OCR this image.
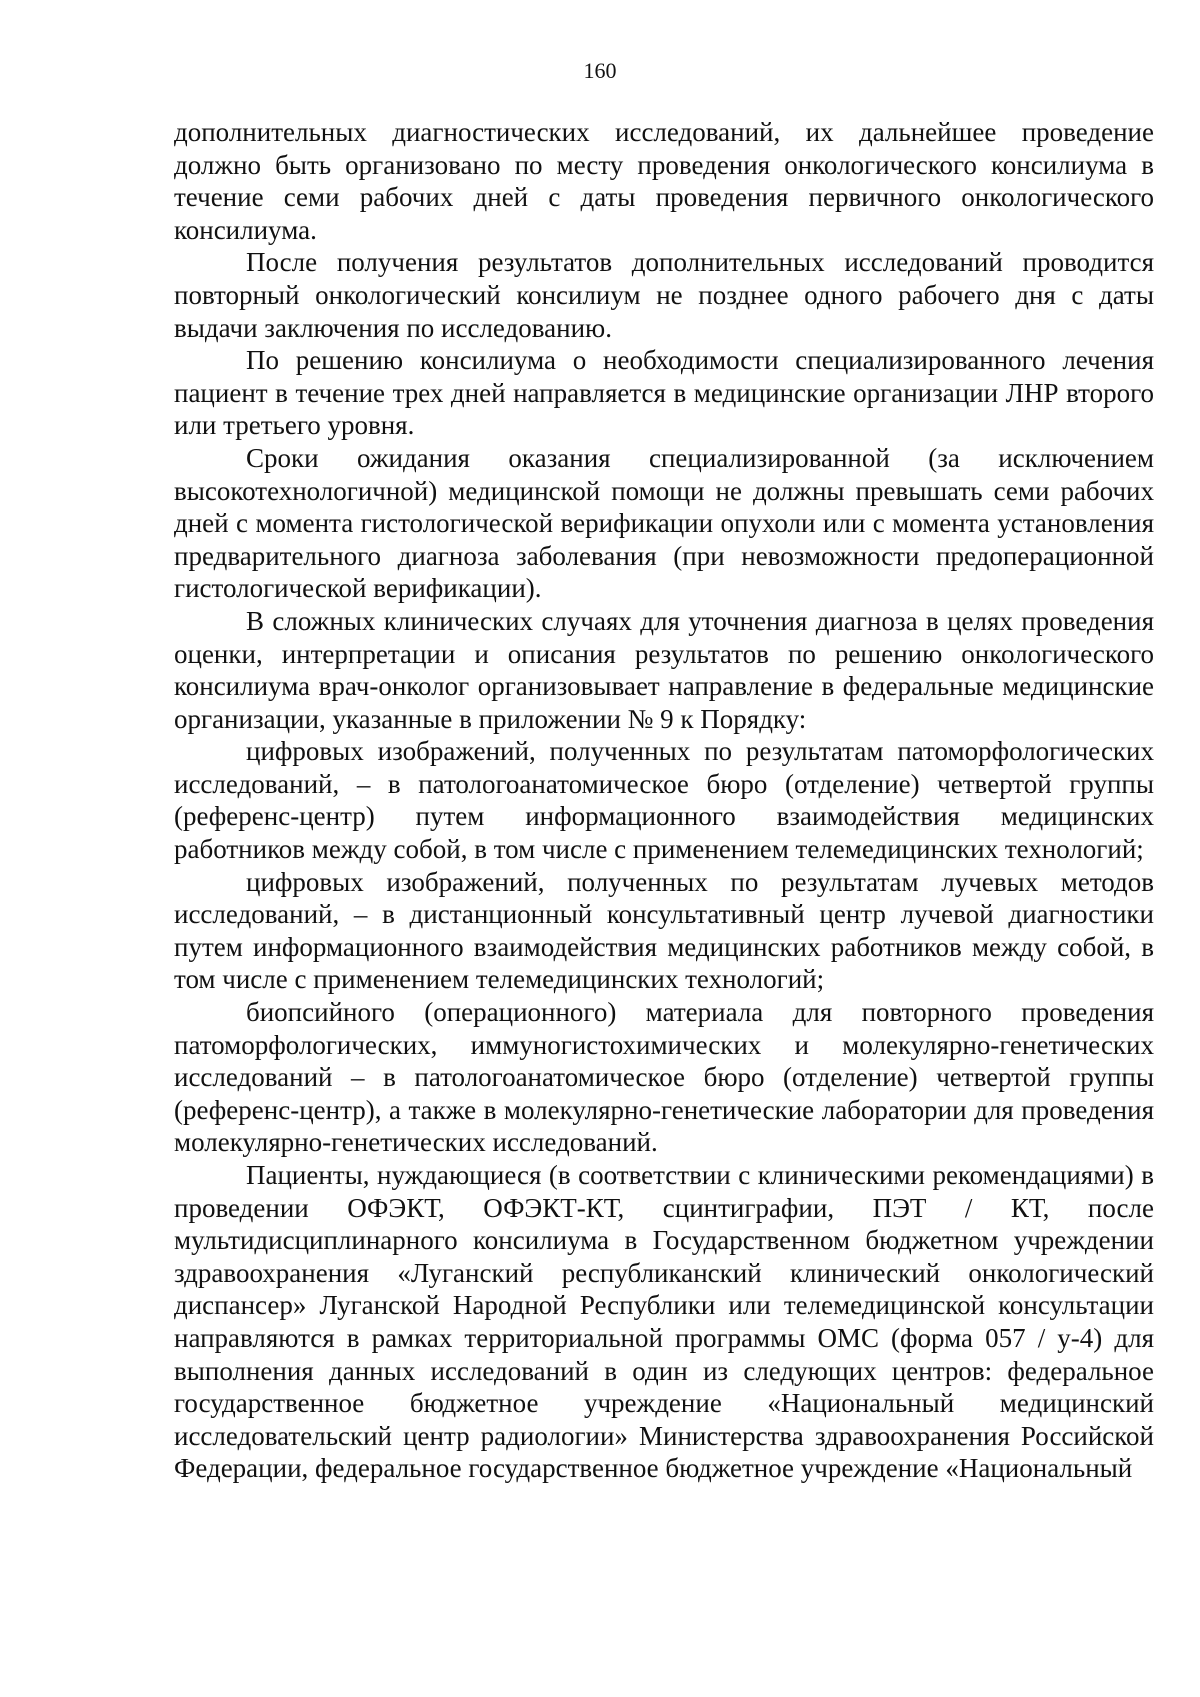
160

дополнительных диагностических исследований, их дальнейшее проведение должно быть организовано по месту проведения онкологического консилиума в течение семи рабочих дней с даты проведения первичного онкологического консилиума.

После получения результатов дополнительных исследований проводится повторный онкологический консилиум не позднее одного рабочего дня с даты выдачи заключения по исследованию.

По решению консилиума о необходимости специализированного лечения пациент в течение трех дней направляется в медицинские организации ЛНР второго или третьего уровня.

Сроки ожидания оказания специализированной (за исключением высокотехнологичной) медицинской помощи не должны превышать семи рабочих дней с момента гистологической верификации опухоли или с момента установления предварительного диагноза заболевания (при невозможности предоперационной гистологической верификации).

В сложных клинических случаях для уточнения диагноза в целях проведения оценки, интерпретации и описания результатов по решению онкологического консилиума врач-онколог организовывает направление в федеральные медицинские организации, указанные в приложении № 9 к Порядку:

цифровых изображений, полученных по результатам патоморфологических исследований, – в патологоанатомическое бюро (отделение) четвертой группы (референс-центр) путем информационного взаимодействия медицинских работников между собой, в том числе с применением телемедицинских технологий;

цифровых изображений, полученных по результатам лучевых методов исследований, – в дистанционный консультативный центр лучевой диагностики путем информационного взаимодействия медицинских работников между собой, в том числе с применением телемедицинских технологий;

биопсийного (операционного) материала для повторного проведения патоморфологических, иммуногистохимических и молекулярно-генетических исследований – в патологоанатомическое бюро (отделение) четвертой группы (референс-центр), а также в молекулярно-генетические лаборатории для проведения молекулярно-генетических исследований.

Пациенты, нуждающиеся (в соответствии с клиническими рекомендациями) в проведении ОФЭКТ, ОФЭКТ-КТ, сцинтиграфии, ПЭТ / КТ, после мультидисциплинарного консилиума в Государственном бюджетном учреждении здравоохранения «Луганский республиканский клинический онкологический диспансер» Луганской Народной Республики или телемедицинской консультации направляются в рамках территориальной программы ОМС (форма 057 / у-4) для выполнения данных исследований в один из следующих центров: федеральное государственное бюджетное учреждение «Национальный медицинский исследовательский центр радиологии» Министерства здравоохранения Российской Федерации, федеральное государственное бюджетное учреждение «Национальный
